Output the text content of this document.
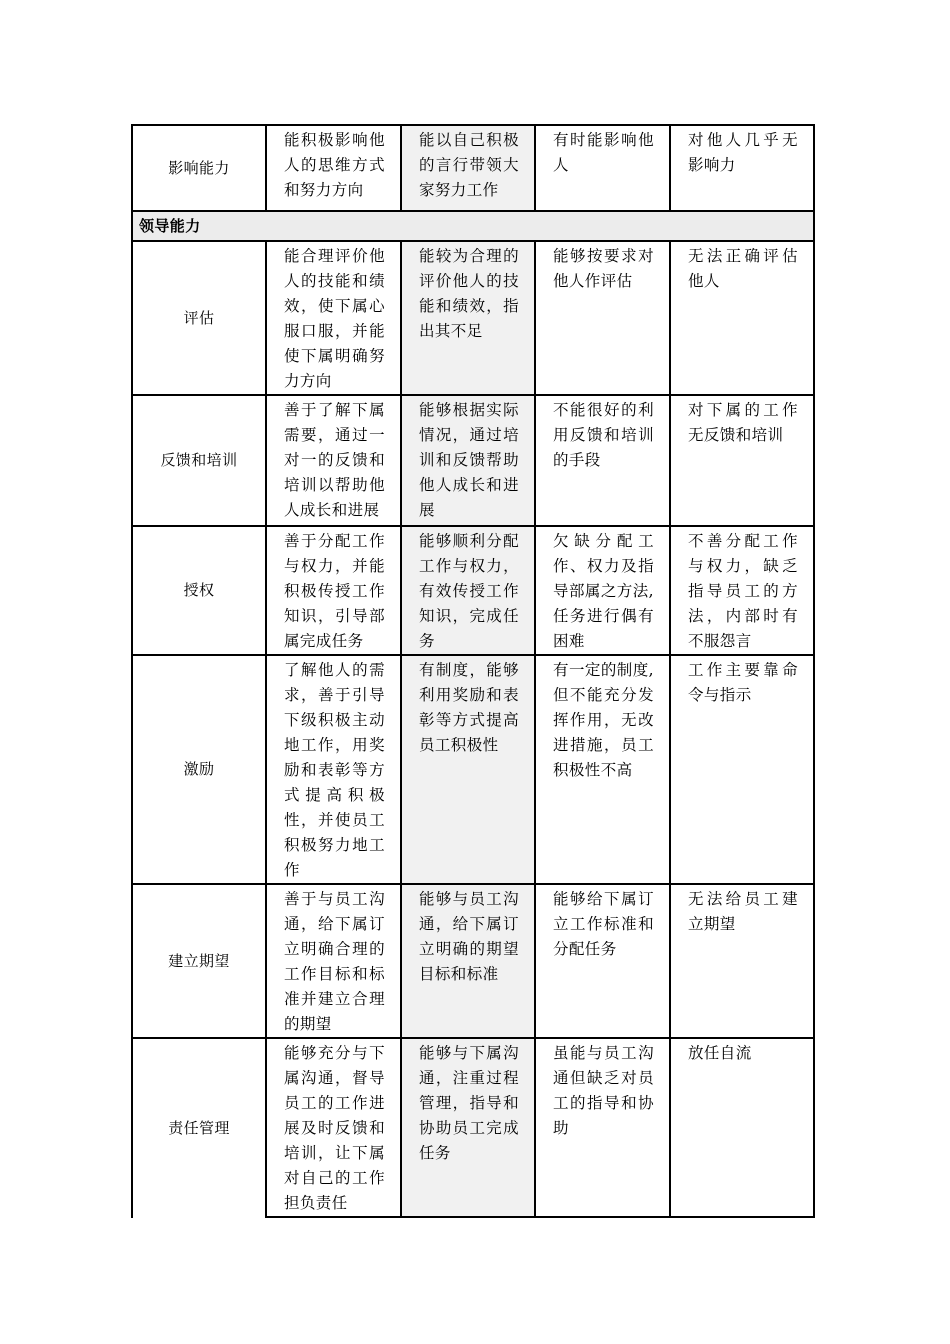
影响能力	能积极影响他人的思维方式和努力方向	能以自己积极的言行带领大家努力工作	有时能影响他人	对他人几乎无影响力
领导能力				
评估	能合理评价他人的技能和绩效，使下属心服口服，并能使下属明确努力方向	能较为合理的评价他人的技能和绩效，指出其不足	能够按要求对他人作评估	无法正确评估他人
反馈和培训	善于了解下属需要，通过一对一的反馈和培训以帮助他人成长和进展	能够根据实际情况，通过培训和反馈帮助他人成长和进展	不能很好的利用反馈和培训的手段	对下属的工作无反馈和培训
授权	善于分配工作与权力，并能积极传授工作知识，引导部属完成任务	能够顺利分配工作与权力，有效传授工作知识，完成任务	欠缺分配工作、权力及指导部属之方法,任务进行偶有困难	不善分配工作与权力，缺乏指导员工的方法，内部时有不服怨言
激励	了解他人的需求，善于引导下级积极主动地工作，用奖励和表彰等方式提高积极性，并使员工积极努力地工作	有制度，能够利用奖励和表彰等方式提高员工积极性	有一定的制度,但不能充分发挥作用，无改进措施，员工积极性不高	工作主要靠命令与指示
建立期望	善于与员工沟通，给下属订立明确合理的工作目标和标准并建立合理的期望	能够与员工沟通，给下属订立明确的期望目标和标准	能够给下属订立工作标准和分配任务	无法给员工建立期望
责任管理	能够充分与下属沟通，督导员工的工作进展及时反馈和培训，让下属对自己的工作担负责任	能够与下属沟通，注重过程管理，指导和协助员工完成任务	虽能与员工沟通但缺乏对员工的指导和协助	放任自流
